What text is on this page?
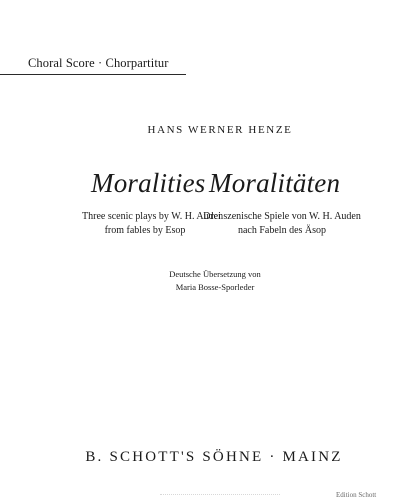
Choral Score · Chorpartitur
HANS WERNER HENZE
Moralities Moralitäten
Three scenic plays by W. H. Auden
from fables by Esop
Drei szenische Spiele von W. H. Auden
nach Fabeln des Äsop
Deutsche Übersetzung von
Maria Bosse-Sporleder
B. SCHOTT'S SÖHNE · MAINZ
Edition Schott
